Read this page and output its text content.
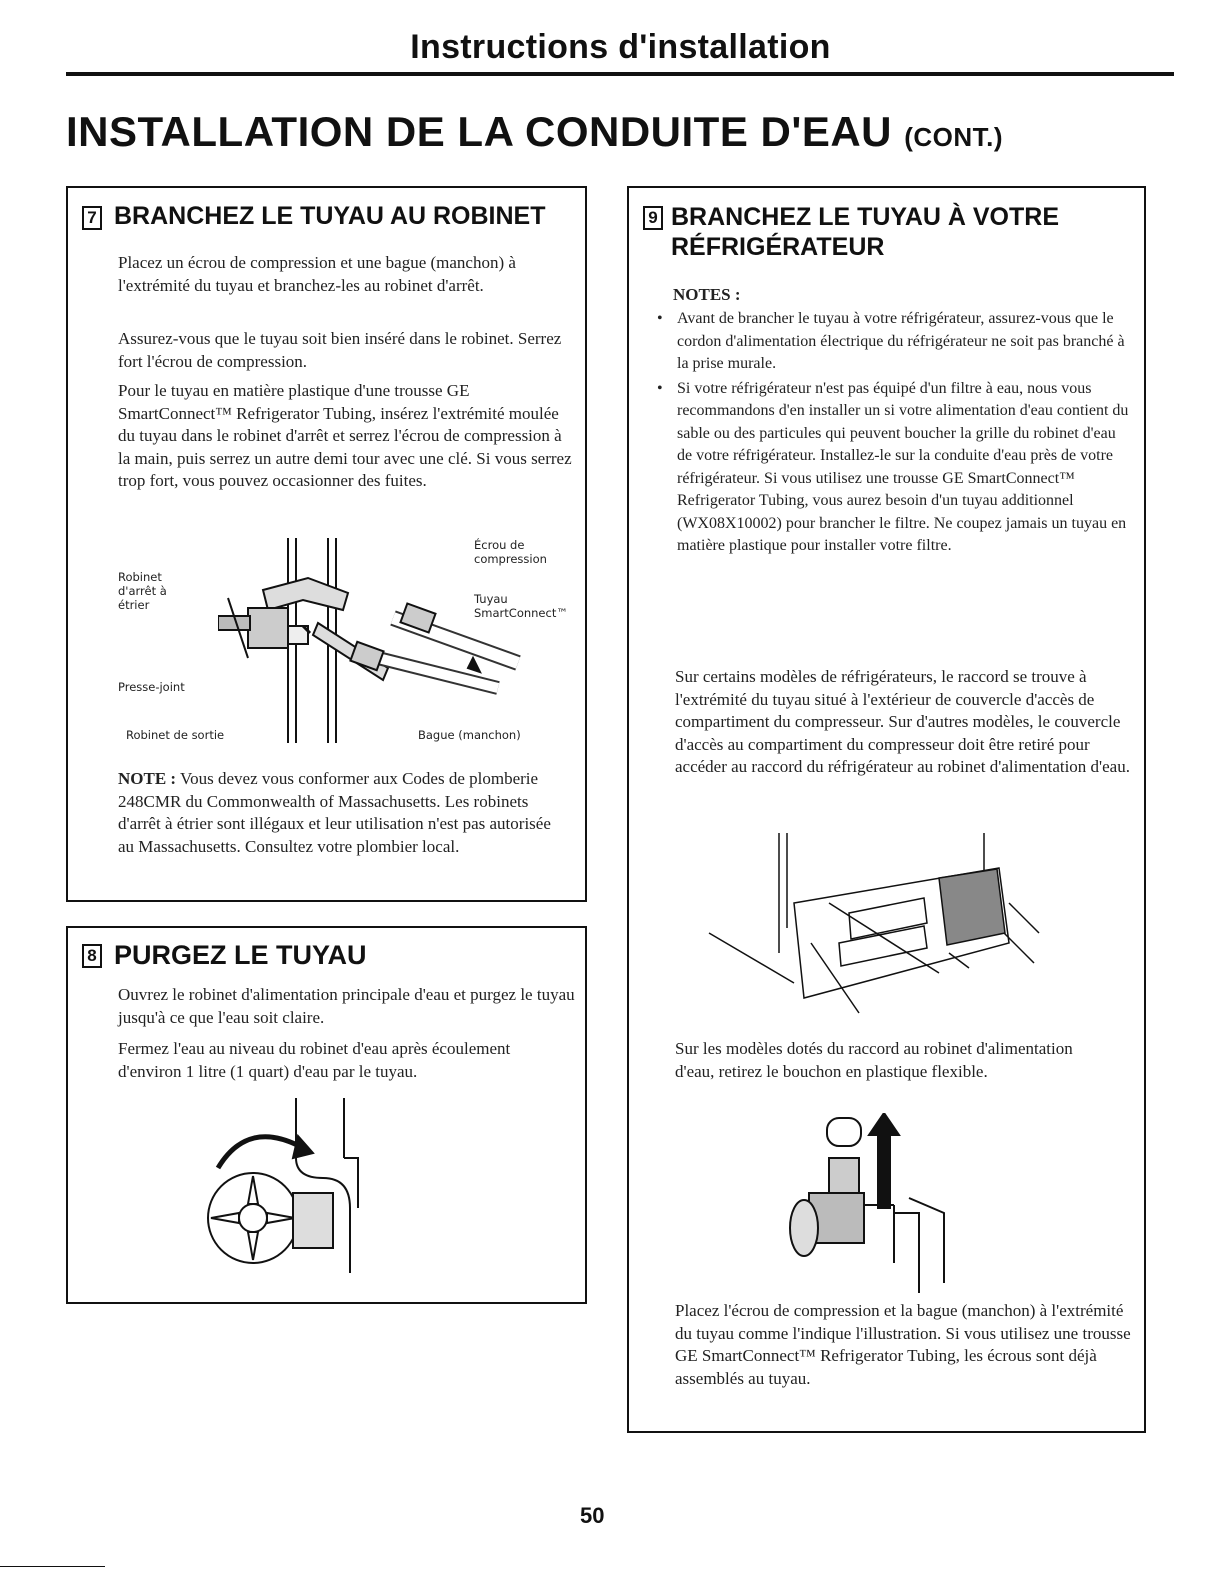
Instructions d'installation
INSTALLATION DE LA CONDUITE D'EAU (CONT.)
7 BRANCHEZ LE TUYAU AU ROBINET

Placez un écrou de compression et une bague (manchon) à l'extrémité du tuyau et branchez-les au robinet d'arrêt.

Assurez-vous que le tuyau soit bien inséré dans le robinet. Serrez fort l'écrou de compression.

Pour le tuyau en matière plastique d'une trousse GE SmartConnect™ Refrigerator Tubing, insérez l'extrémité moulée du tuyau dans le robinet d'arrêt et serrez l'écrou de compression à la main, puis serrez un autre demi tour avec une clé. Si vous serrez trop fort, vous pouvez occasionner des fuites.

Robinet d'arrêt à étrier
Écrou de compression
Tuyau SmartConnect™
Presse-joint
Robinet de sortie	Bague (manchon)

NOTE : Vous devez vous conformer aux Codes de plomberie 248CMR du Commonwealth of Massachusetts. Les robinets d'arrêt à étrier sont illégaux et leur utilisation n'est pas autorisée au Massachusetts. Consultez votre plombier local.

8 PURGEZ LE TUYAU

Ouvrez le robinet d'alimentation principale d'eau et purgez le tuyau jusqu'à ce que l'eau soit claire.

Fermez l'eau au niveau du robinet d'eau après écoulement d'environ 1 litre (1 quart) d'eau par le tuyau.

9 BRANCHEZ LE TUYAU À VOTRE
RÉFRIGÉRATEUR
NOTES :
• Avant de brancher le tuyau à votre réfrigérateur, assurez-vous que le cordon d'alimentation électrique du réfrigérateur ne soit pas branché à la prise murale.
• Si votre réfrigérateur n'est pas équipé d'un filtre à eau, nous vous recommandons d'en installer un si votre alimentation d'eau contient du sable ou des particules qui peuvent boucher la grille du robinet d'eau de votre réfrigérateur. Installez-le sur la conduite d'eau près de votre réfrigérateur. Si vous utilisez une trousse GE SmartConnect™ Refrigerator Tubing, vous aurez besoin d'un tuyau additionnel (WX08X10002) pour brancher le filtre. Ne coupez jamais un tuyau en matière plastique pour installer votre filtre.

Sur certains modèles de réfrigérateurs, le raccord se trouve à l'extrémité du tuyau situé à l'extérieur de couvercle d'accès de compartiment du compresseur. Sur d'autres modèles, le couvercle d'accès au compartiment du compresseur doit être retiré pour accéder au raccord du réfrigérateur au robinet d'alimentation d'eau.

Sur les modèles dotés du raccord au robinet d'alimentation d'eau, retirez le bouchon en plastique flexible.

Placez l'écrou de compression et la bague (manchon) à l'extrémité du tuyau comme l'indique l'illustration. Si vous utilisez une trousse GE SmartConnect™ Refrigerator Tubing, les écrous sont déjà assemblés au tuyau.

50
